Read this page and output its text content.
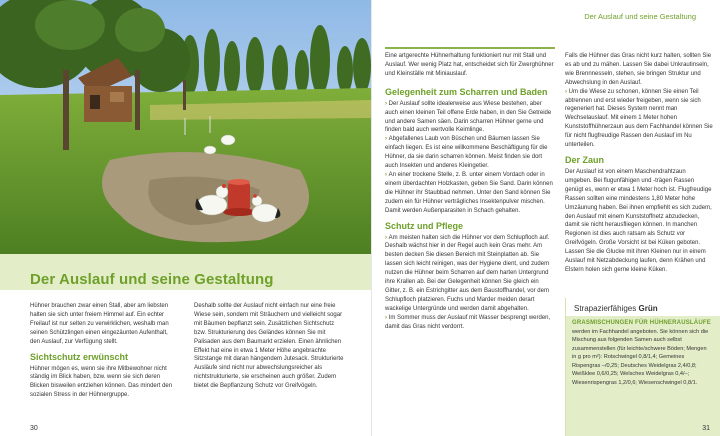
Der Auslauf und seine Gestaltung

Hühner brauchen zwar einen Stall, aber am liebsten halten sie sich unter freiem Himmel auf. Ein echter Freilauf ist nur selten zu verwirklichen, weshalb man seinen Schützlingen einen eingezäunten Aufenthalt, den Auslauf, zur Verfügung stellt.

Sichtschutz erwünscht

Hühner mögen es, wenn sie ihre Mitbewohner nicht ständig im Blick haben, bzw. wenn sie sich deren Blicken bisweilen entziehen können. Das mindert den sozialen Stress in der Hühnergruppe.

Deshalb sollte der Auslauf nicht einfach nur eine freie Wiese sein, sondern mit Sträuchern und vielleicht sogar mit Bäumen bepflanzt sein. Zusätzlichen Sichtschutz bzw. Strukturierung des Geländes können Sie mit Palisaden aus dem Baumarkt erzielen. Einen ähnlichen Effekt hat eine in etwa 1 Meter Höhe angebrachte Sitzstange mit daran hängendem Jutesack. Strukturierte Ausläufe sind nicht nur abwechslungsreicher als nichtstrukturierte, sie erscheinen auch größer. Zudem bietet die Bepflanzung Schutz vor Greifvögeln.

30
Der Auslauf und seine Gestaltung

Eine artgerechte Hühnerhaltung funktioniert nur mit Stall und Auslauf. Wer wenig Platz hat, entscheidet sich für Zwerghühner und Kleinställe mit Miniauslauf.

Gelegenheit zum Scharren und Baden

› Der Auslauf sollte idealerweise aus Wiese bestehen, aber auch einen kleinen Teil offene Erde haben, in den Sie Getreide und andere Samen säen. Darin scharren Hühner gerne und finden bald auch wertvolle Keimlinge.

› Abgefallenes Laub von Büschen und Bäumen lassen Sie einfach liegen. Es ist eine willkommene Beschäftigung für die Hühner, da sie darin scharren können. Meist finden sie dort auch Insekten und anderes Kleingetier.

› An einer trockene Stelle, z. B. unter einem Vordach oder in einem überdachten Holzkasten, geben Sie Sand. Darin können die Hühner ihr Staubbad nehmen. Unter den Sand können Sie zudem ein für Hühner verträgliches Insektenpulver mischen. Damit werden Außenparasiten in Schach gehalten.

Schutz und Pflege

› Am meisten halten sich die Hühner vor dem Schlupfloch auf. Deshalb wächst hier in der Regel auch kein Gras mehr. Am besten decken Sie diesen Bereich mit Steinplatten ab. Sie lassen sich leicht reinigen, was der Hygiene dient, und zudem nutzen die Hühner beim Scharren auf dem harten Untergrund ihre Krallen ab. Bei der Gelegenheit können Sie gleich ein Gitter, z. B. ein Estrichgitter aus dem Baustoffhandel, vor dem Schlupfloch platzieren. Fuchs und Marder meiden derart wackelige Untergründe und werden damit abgehalten.

› Im Sommer muss der Auslauf mit Wasser besprengt werden, damit das Gras nicht verdorrt.

Falls die Hühner das Gras nicht kurz halten, sollten Sie es ab und zu mähen. Lassen Sie dabei Unkrautinseln, wie Brennnesseln, stehen, sie bringen Struktur und Abwechslung in den Auslauf.

› Um die Wiese zu schonen, können Sie einen Teil abtrennen und erst wieder freigeben, wenn sie sich regeneriert hat. Dieses System nennt man Wechselauslauf. Mit einem 1 Meter hohen Kunststoffhühnerzaun aus dem Fachhandel können Sie für nicht flugfreudige Rassen den Auslauf im Nu unterteilen.

Der Zaun

Der Auslauf ist von einem Maschendrahtzaun umgeben. Bei flugunfähigen und -trägen Rassen genügt es, wenn er etwa 1 Meter hoch ist. Flugfreudige Rassen sollten eine mindestens 1,80 Meter hohe Umzäunung haben. Bei ihnen empfiehlt es sich zudem, den Auslauf mit einem Kunststoffnetz abzudecken, damit sie nicht herausfliegen können. In manchen Regionen ist dies auch ratsam als Schutz vor Greifvögeln. Große Vorsicht ist bei Küken geboten. Lassen Sie die Glucke mit ihren Kleinen nur in einem Auslauf mit Netzabdeckung laufen, denn Krähen und Elstern holen sich gerne kleine Küken.

Strapazierfähiges Grün
GRASMISCHUNGEN FÜR HÜHNERAUSLÄUFE
werden im Fachhandel angeboten. Sie können sich die Mischung aus folgenden Samen auch selbst zusammenstellen (für leichte/schwere Böden; Mengen in g pro m²): Rotschwingel 0,8/1,4; Gemeines Rispengras –/0,25; Deutsches Weidelgras 2,4/0,8; Weißklee 0,6/0,25; Welsches Weidelgras 0,4/–; Wiesenrispengras 1,2/0,6; Wiesenschwingel 0,8/1.
31
